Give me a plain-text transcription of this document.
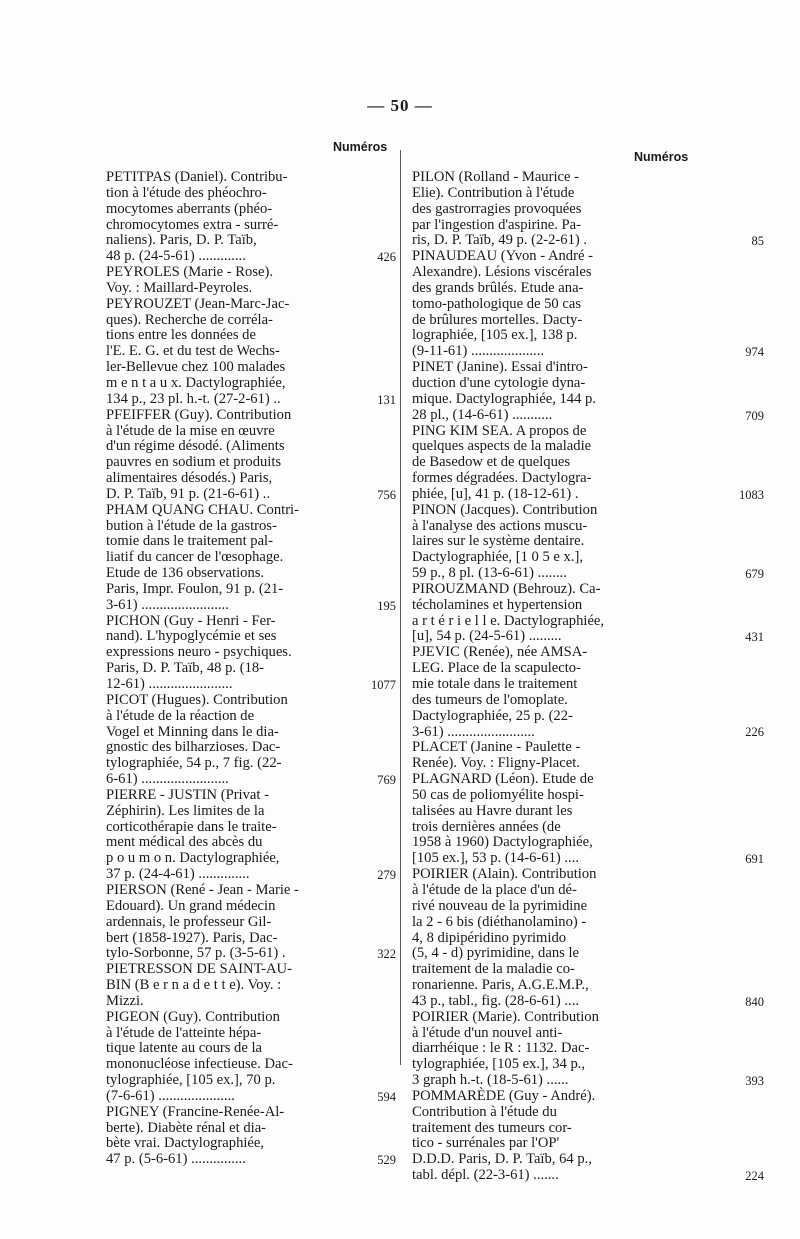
— 50 —
Numéros
Numéros
PETITPAS (Daniel). Contribu-
tion à l'étude des phéochro-
mocytomes aberrants (phéo-
chromocytomes extra - surré-
naliens). Paris, D. P. Taïb,
48 p. (24-5-61) .............	426
PEYROLES (Marie - Rose).
Voy. : Maillard-Peyroles.
PEYROUZET (Jean-Marc-Jac-
ques). Recherche de corréla-
tions entre les données de
l'E. E. G. et du test de Wechs-
ler-Bellevue chez 100 malades
m e n t a u x. Dactylographiée,
134 p., 23 pl. h.-t. (27-2-61) ..	131
PFEIFFER (Guy). Contribution
à l'étude de la mise en œuvre
d'un régime désodé. (Aliments
pauvres en sodium et produits
alimentaires désodés.) Paris,
D. P. Taïb, 91 p. (21-6-61) ..	756
PHAM QUANG CHAU. Contri-
bution à l'étude de la gastros-
tomie dans le traitement pal-
liatif du cancer de l'œsophage.
Etude de 136 observations.
Paris, Impr. Foulon, 91 p. (21-
3-61) ........................	195
PICHON (Guy - Henri - Fer-
nand). L'hypoglycémie et ses
expressions neuro - psychiques.
Paris, D. P. Taïb, 48 p. (18-
12-61) .......................	1077
PICOT (Hugues). Contribution
à l'étude de la réaction de
Vogel et Minning dans le dia-
gnostic des bilharzioses. Dac-
tylographiée, 54 p., 7 fig. (22-
6-61) ........................	769
PIERRE - JUSTIN (Privat -
Zéphirin). Les limites de la
corticothérapie dans le traite-
ment médical des abcès du
p o u m o n. Dactylographiée,
37 p. (24-4-61) ..............	279
PIERSON (René - Jean - Marie -
Edouard). Un grand médecin
ardennais, le professeur Gil-
bert (1858-1927). Paris, Dac-
tylo-Sorbonne, 57 p. (3-5-61) .	322
PIETRESSON DE SAINT-AU-
BIN (B e r n a d e t t e). Voy. :
Mizzi.
PIGEON (Guy). Contribution
à l'étude de l'atteinte hépa-
tique latente au cours de la
mononucléose infectieuse. Dac-
tylographiée, [105 ex.], 70 p.
(7-6-61) .....................	594
PIGNEY (Francine-Renée-Al-
berte). Diabète rénal et dia-
bète vrai. Dactylographiée,
47 p. (5-6-61) ...............	529
PILON (Rolland - Maurice -
Elie). Contribution à l'étude
des gastrorragies provoquées
par l'ingestion d'aspirine. Pa-
ris, D. P. Taïb, 49 p. (2-2-61) .	85
PINAUDEAU (Yvon - André -
Alexandre). Lésions viscérales
des grands brûlés. Etude ana-
tomo-pathologique de 50 cas
de brûlures mortelles. Dacty-
lographiée, [105 ex.], 138 p.
(9-11-61) ....................	974
PINET (Janine). Essai d'intro-
duction d'une cytologie dyna-
mique. Dactylographiée, 144 p.
28 pl., (14-6-61) ...........	709
PING KIM SEA. A propos de
quelques aspects de la maladie
de Basedow et de quelques
formes dégradées. Dactylogra-
phiée, [u], 41 p. (18-12-61) .	1083
PINON (Jacques). Contribution
à l'analyse des actions muscu-
laires sur le système dentaire.
Dactylographiée, [1 0 5 e x.],
59 p., 8 pl. (13-6-61) ........	679
PIROUZMAND (Behrouz). Ca-
técholamines et hypertension
a r t é r i e l l e. Dactylographiée,
[u], 54 p. (24-5-61) .........	431
PJEVIC (Renée), née AMSA-
LEG. Place de la scapulecto-
mie totale dans le traitement
des tumeurs de l'omoplate.
Dactylographiée, 25 p. (22-
3-61) ........................	226
PLACET (Janine - Paulette -
Renée). Voy. : Fligny-Placet.
PLAGNARD (Léon). Etude de
50 cas de poliomyélite hospi-
talisées au Havre durant les
trois dernières années (de
1958 à 1960) Dactylographiée,
[105 ex.], 53 p. (14-6-61) ....	691
POIRIER (Alain). Contribution
à l'étude de la place d'un dé-
rivé nouveau de la pyrimidine
la 2 - 6 bis (diéthanolamino) -
4, 8 dipipéridino pyrimido
(5, 4 - d) pyrimidine, dans le
traitement de la maladie co-
ronarienne. Paris, A.G.E.M.P.,
43 p., tabl., fig. (28-6-61) ....	840
POIRIER (Marie). Contribution
à l'étude d'un nouvel anti-
diarrhéique : le R : 1132. Dac-
tylographiée, [105 ex.], 34 p.,
3 graph h.-t. (18-5-61) ......	393
POMMARÈDE (Guy - André).
Contribution à l'étude du
traitement des tumeurs cor-
tico - surrénales par l'OP'
D.D.D. Paris, D. P. Taïb, 64 p.,
tabl. dépl. (22-3-61) .......	224
